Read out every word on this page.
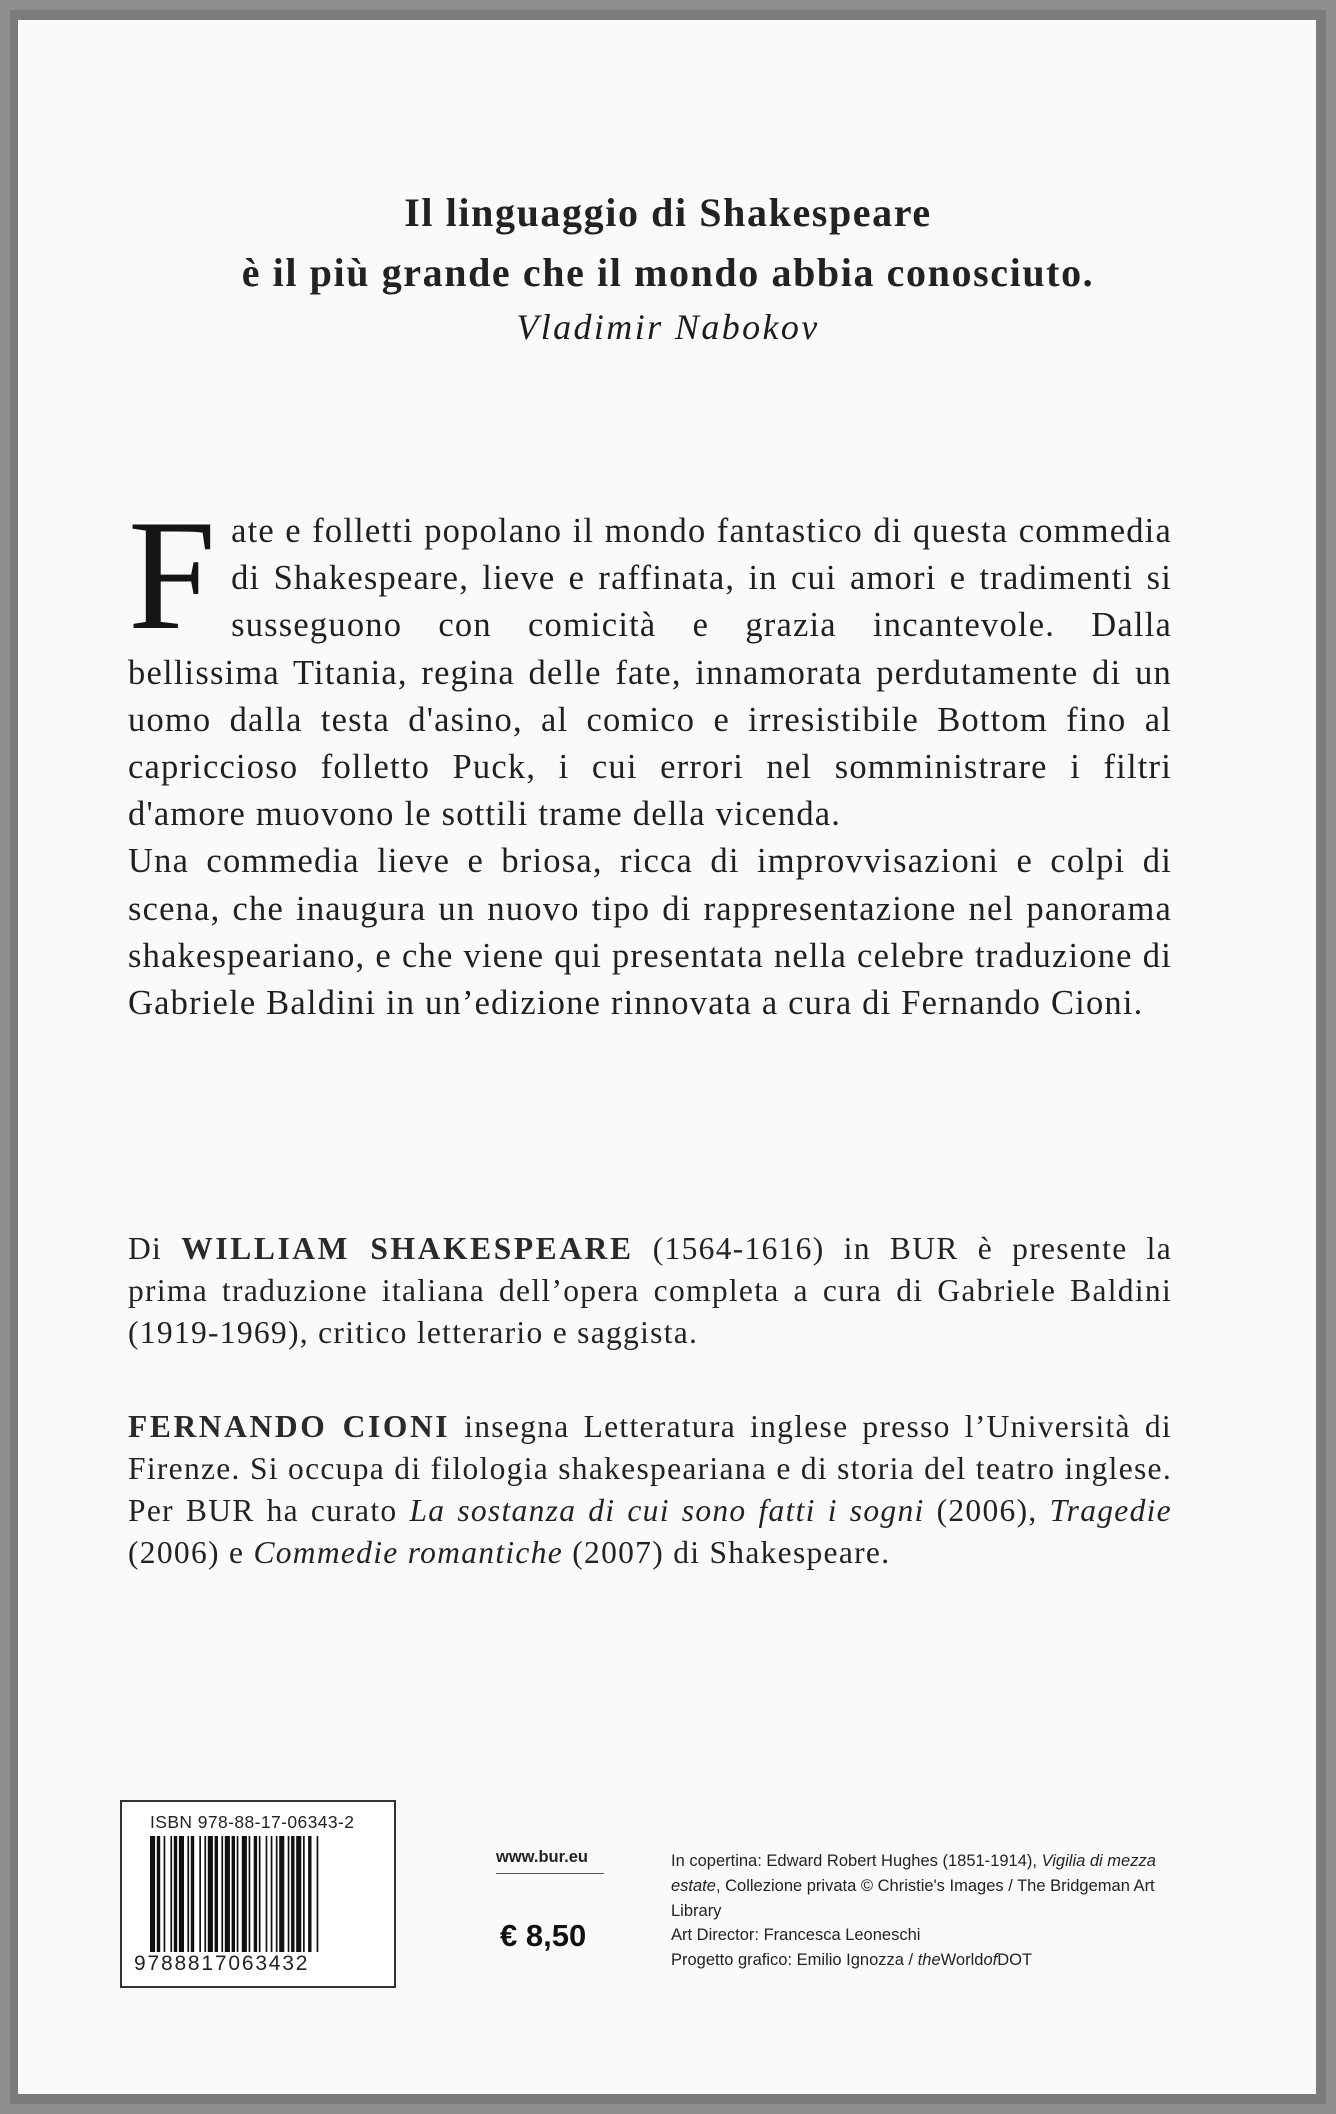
Il linguaggio di Shakespeare
è il più grande che il mondo abbia conosciuto.
Vladimir Nabokov

Fate e folletti popolano il mondo fantastico di questa commedia di Shakespeare, lieve e raffinata, in cui amori e tradimenti si susseguono con comicità e grazia incantevole. Dalla bellissima Titania, regina delle fate, innamorata perdutamente di un uomo dalla testa d'asino, al comico e irresistibile Bottom fino al capriccioso folletto Puck, i cui errori nel somministrare i filtri d'amore muovono le sottili trame della vicenda.

Una commedia lieve e briosa, ricca di improvvisazioni e colpi di scena, che inaugura un nuovo tipo di rappresentazione nel panorama shakespeariano, e che viene qui presentata nella celebre traduzione di Gabriele Baldini in un’edizione rinnovata a cura di Fernando Cioni.

Di WILLIAM SHAKESPEARE (1564-1616) in BUR è presente la prima traduzione italiana dell’opera completa a cura di Gabriele Baldini (1919-1969), critico letterario e saggista.
FERNANDO CIONI insegna Letteratura inglese presso l’Università di Firenze. Si occupa di filologia shakespeariana e di storia del teatro inglese. Per BUR ha curato La sostanza di cui sono fatti i sogni (2006), Tragedie (2006) e Commedie romantiche (2007) di Shakespeare.
ISBN 978-88-17-06343-2
9788817063432
www.bur.eu
€ 8,50
In copertina: Edward Robert Hughes (1851-1914), Vigilia di mezza estate, Collezione privata © Christie's Images / The Bridgeman Art Library
Art Director: Francesca Leoneschi
Progetto grafico: Emilio Ignozza / theWorldofDOT
